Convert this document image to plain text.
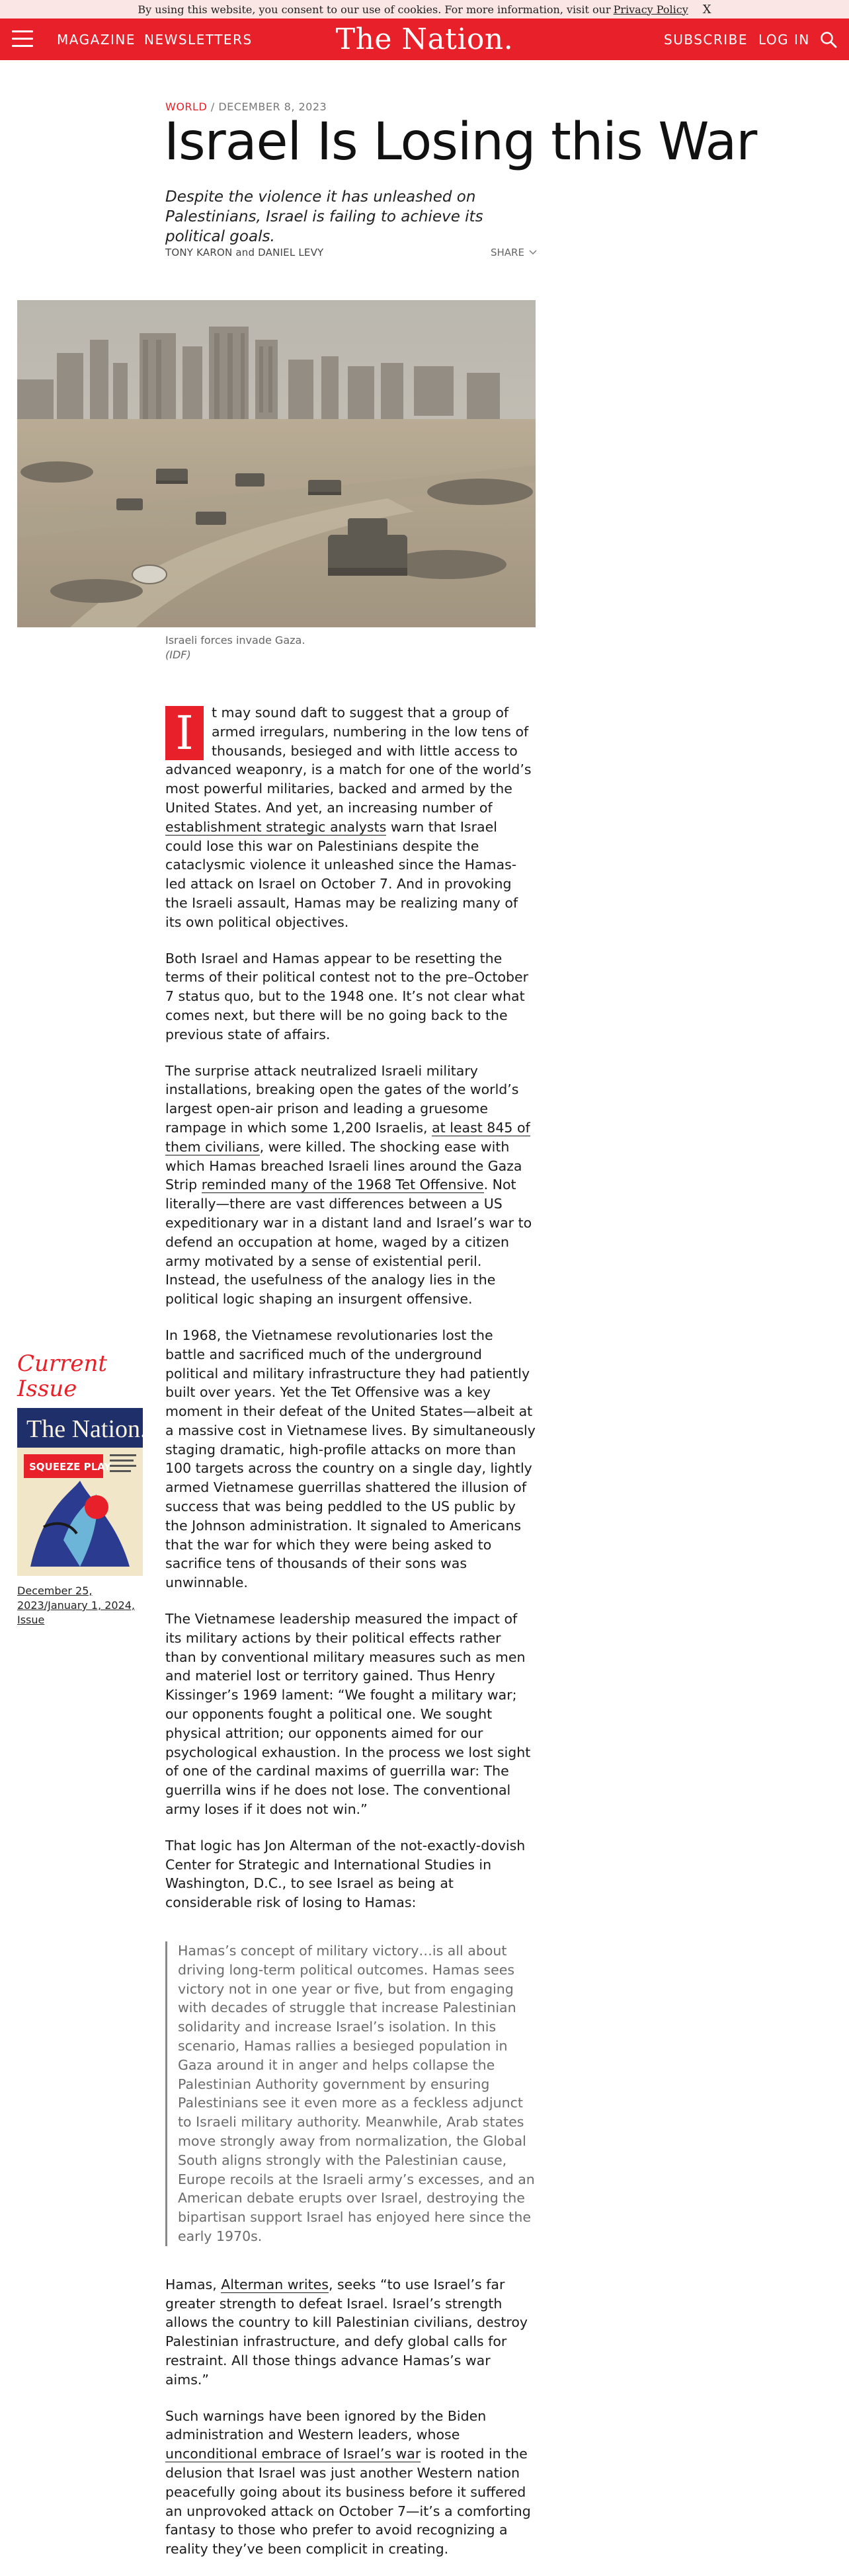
By using this website, you consent to our use of cookies. For more information, visit our Privacy Policy X
MAGAZINE NEWSLETTERS	The Nation.	SUBSCRIBE LOG IN
WORLD / DECEMBER 8, 2023
Israel Is Losing this War
Despite the violence it has unleashed on Palestinians, Israel is failing to achieve its political goals.
TONY KARON and DANIEL LEVY	SHARE
Israeli forces invade Gaza.
(IDF)
Current Issue
The Nation.
SQUEEZE PLAY
December 25, 2023/January 1, 2024, Issue

I	t may sound daft to suggest that a group of armed irregulars, numbering in the low tens of thousands, besieged and with little access to advanced weaponry, is a match for one of the world’s most powerful militaries, backed and armed by the United States. And yet, an increasing number of establishment strategic analysts warn that Israel could lose this war on Palestinians despite the cataclysmic violence it unleashed since the Hamas-led attack on Israel on October 7. And in provoking the Israeli assault, Hamas may be realizing many of its own political objectives.

Both Israel and Hamas appear to be resetting the terms of their political contest not to the pre–October 7 status quo, but to the 1948 one. It’s not clear what comes next, but there will be no going back to the previous state of affairs.

The surprise attack neutralized Israeli military installations, breaking open the gates of the world’s largest open-air prison and leading a gruesome rampage in which some 1,200 Israelis, at least 845 of them civilians, were killed. The shocking ease with which Hamas breached Israeli lines around the Gaza Strip reminded many of the 1968 Tet Offensive. Not literally—there are vast differences between a US expeditionary war in a distant land and Israel’s war to defend an occupation at home, waged by a citizen army motivated by a sense of existential peril. Instead, the usefulness of the analogy lies in the political logic shaping an insurgent offensive.

In 1968, the Vietnamese revolutionaries lost the battle and sacrificed much of the underground political and military infrastructure they had patiently built over years. Yet the Tet Offensive was a key moment in their defeat of the United States—albeit at a massive cost in Vietnamese lives. By simultaneously staging dramatic, high-profile attacks on more than 100 targets across the country on a single day, lightly armed Vietnamese guerrillas shattered the illusion of success that was being peddled to the US public by the Johnson administration. It signaled to Americans that the war for which they were being asked to sacrifice tens of thousands of their sons was unwinnable.

The Vietnamese leadership measured the impact of its military actions by their political effects rather than by conventional military measures such as men and materiel lost or territory gained. Thus Henry Kissinger’s 1969 lament: “We fought a military war; our opponents fought a political one. We sought physical attrition; our opponents aimed for our psychological exhaustion. In the process we lost sight of one of the cardinal maxims of guerrilla war: The guerrilla wins if he does not lose. The conventional army loses if it does not win.”

That logic has Jon Alterman of the not-exactly-dovish Center for Strategic and International Studies in Washington, D.C., to see Israel as being at considerable risk of losing to Hamas:

Hamas’s concept of military victory…is all about driving long-term political outcomes. Hamas sees victory not in one year or five, but from engaging with decades of struggle that increase Palestinian solidarity and increase Israel’s isolation. In this scenario, Hamas rallies a besieged population in Gaza around it in anger and helps collapse the Palestinian Authority government by ensuring Palestinians see it even more as a feckless adjunct to Israeli military authority. Meanwhile, Arab states move strongly away from normalization, the Global South aligns strongly with the Palestinian cause, Europe recoils at the Israeli army’s excesses, and an American debate erupts over Israel, destroying the bipartisan support Israel has enjoyed here since the early 1970s.

Hamas, Alterman writes, seeks “to use Israel’s far greater strength to defeat Israel. Israel’s strength allows the country to kill Palestinian civilians, destroy Palestinian infrastructure, and defy global calls for restraint. All those things advance Hamas’s war aims.”

Such warnings have been ignored by the Biden administration and Western leaders, whose unconditional embrace of Israel’s war is rooted in the delusion that Israel was just another Western nation peacefully going about its business before it suffered an unprovoked attack on October 7—it’s a comforting fantasy to those who prefer to avoid recognizing a reality they’ve been complicit in creating.
